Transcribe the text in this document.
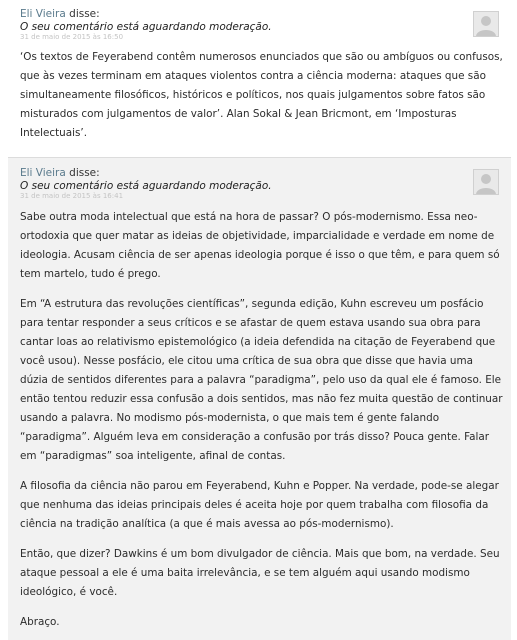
Eli Vieira disse:
O seu comentário está aguardando moderação.
31 de maio de 2015 às 16:50

‘Os textos de Feyerabend contêm numerosos enunciados que são ou ambíguos ou confusos, que às vezes terminam em ataques violentos contra a ciência moderna: ataques que são simultaneamente filosóficos, históricos e políticos, nos quais julgamentos sobre fatos são misturados com julgamentos de valor’. Alan Sokal & Jean Bricmont, em ‘Imposturas Intelectuais’.

Eli Vieira disse:
O seu comentário está aguardando moderação.
31 de maio de 2015 às 16:41

Sabe outra moda intelectual que está na hora de passar? O pós-modernismo. Essa neo-ortodoxia que quer matar as ideias de objetividade, imparcialidade e verdade em nome de ideologia. Acusam ciência de ser apenas ideologia porque é isso o que têm, e para quem só tem martelo, tudo é prego.

Em “A estrutura das revoluções científicas”, segunda edição, Kuhn escreveu um posfácio para tentar responder a seus críticos e se afastar de quem estava usando sua obra para cantar loas ao relativismo epistemológico (a ideia defendida na citação de Feyerabend que você usou). Nesse posfácio, ele citou uma crítica de sua obra que disse que havia uma dúzia de sentidos diferentes para a palavra “paradigma”, pelo uso da qual ele é famoso. Ele então tentou reduzir essa confusão a dois sentidos, mas não fez muita questão de continuar usando a palavra. No modismo pós-modernista, o que mais tem é gente falando “paradigma”. Alguém leva em consideração a confusão por trás disso? Pouca gente. Falar em “paradigmas” soa inteligente, afinal de contas.

A filosofia da ciência não parou em Feyerabend, Kuhn e Popper. Na verdade, pode-se alegar que nenhuma das ideias principais deles é aceita hoje por quem trabalha com filosofia da ciência na tradição analítica (a que é mais avessa ao pós-modernismo).

Então, que dizer? Dawkins é um bom divulgador de ciência. Mais que bom, na verdade. Seu ataque pessoal a ele é uma baita irrelevância, e se tem alguém aqui usando modismo ideológico, é você.

Abraço.
